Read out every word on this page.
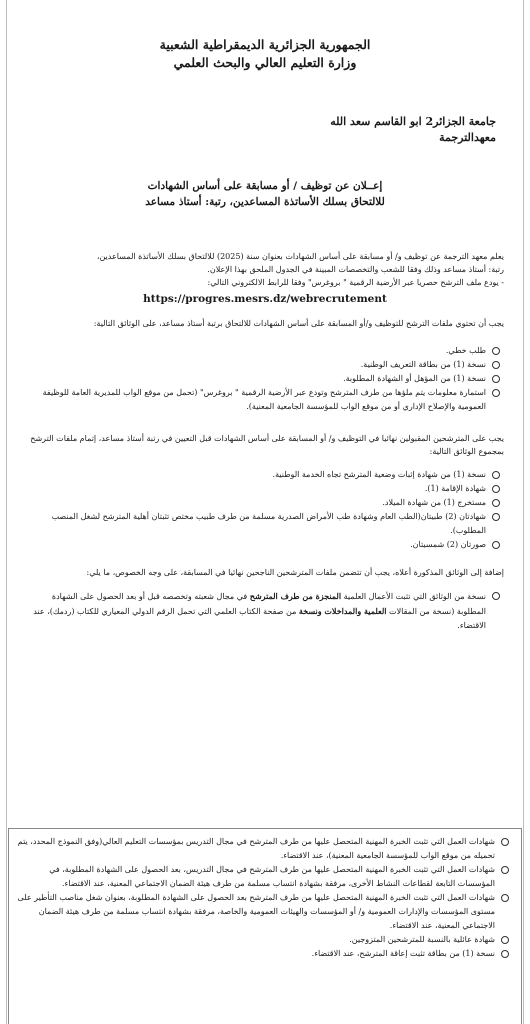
الجمهورية الجزائرية الديمقراطية الشعبية
وزارة التعليم العالي والبحث العلمي
جامعة الجزائر2 ابو القاسم سعد الله
معهدالترجمة
إعــلان عن توظيف / أو مسابقة على أساس الشهادات
للالتحاق بسلك الأساتذة المساعدين، رتبة: أستاذ مساعد
يعلم معهد الترجمة عن توظيف و/ أو مسابقة على أساس الشهادات بعنوان سنة (2025) للالتحاق بسلك الأساتذة المساعدين،
رتبة: أستاذ مساعد وذلك وفقا للشعب والتخصصات المبينة في الجدول الملحق بهذا الإعلان.
- يودع ملف الترشح حصريا عبر الأرضية الرقمية " بروغرس" وفقا للرابط الالكتروني التالي:
https://progres.mesrs.dz/webrecrutement
يجب أن تحتوي ملفات الترشح للتوظيف و/أو المسابقة على أساس الشهادات للالتحاق برتبة أستاذ مساعد، على الوثائق التالية:
طلب خطي.
نسخة (1) من بطاقة التعريف الوطنية.
نسخة (1) من المؤهل أو الشهادة المطلوبة.
استمارة معلومات يتم ملؤها من طرف المترشح وتودع عبر الأرضية الرقمية " بروغرس" (تحمل من موقع الواب للمديرية العامة للوظيفة العمومية والإصلاح الإداري أو من موقع الواب للمؤسسة الجامعية المعنية).
يجب على المترشحين المقبولين نهائيا في التوظيف و/ أو المسابقة على أساس الشهادات قبل التعيين في رتبة أستاذ مساعد، إتمام ملفات الترشح بمجموع الوثائق التالية:
نسخة (1) من شهادة إثبات وضعية المترشح تجاه الخدمة الوطنية.
شهادة الإقامة (1).
مستخرج (1) من شهادة الميلاد.
شهادتان (2) طبيتان(الطب العام وشهادة طب الأمراض الصدرية مسلمة من طرف طبيب مختص تثبتان أهلية المترشح لشغل المنصب المطلوب).
صورتان (2) شمسيتان.
إضافة إلى الوثائق المذكورة أعلاه، يجب أن تتضمن ملفات المترشحين الناجحين نهائيا في المسابقة، على وجه الخصوص، ما يلي:
نسخة من الوثائق التي تثبت الأعمال العلمية المنجزة من طرف المترشح في مجال شعبته وتخصصه قبل أو بعد الحصول على الشهادة المطلوبة (نسخة من المقالات العلمية والمداخلات ونسخة من صفحة الكتاب العلمي التي تحمل الرقم الدولي المعياري للكتاب (ردمك)، عند الاقتضاء.
شهادات العمل التي تثبت الخبرة المهنية المتحصل عليها من طرف المترشح في مجال التدريس بمؤسسات التعليم العالي(وفق النموذج المحدد، يتم تحميله من موقع الواب للمؤسسة الجامعية المعنية)، عند الاقتضاء.
شهادات العمل التي تثبت الخبرة المهنية المتحصل عليها من طرف المترشح في مجال التدريس، بعد الحصول على الشهادة المطلوبة، في المؤسسات التابعة لقطاعات النشاط الأخرى، مرفقة بشهادة انتساب مسلمة من طرف هيئة الضمان الاجتماعي المعنية، عند الاقتضاء.
شهادات العمل التي تثبت الخبرة المهنية المتحصل عليها من طرف المترشح بعد الحصول على الشهادة المطلوبة، بعنوان شغل مناصب التأطير على مستوى المؤسسات والإدارات العمومية و/ أو المؤسسات والهيئات العمومية والخاصة، مرفقة بشهادة انتساب مسلمة من طرف هيئة الضمان الاجتماعي المعنية، عند الاقتضاء.
شهادة عائلية بالنسبة للمترشحين المتزوجين.
نسخة (1) من بطاقة تثبت إعاقة المترشح، عند الاقتضاء.
